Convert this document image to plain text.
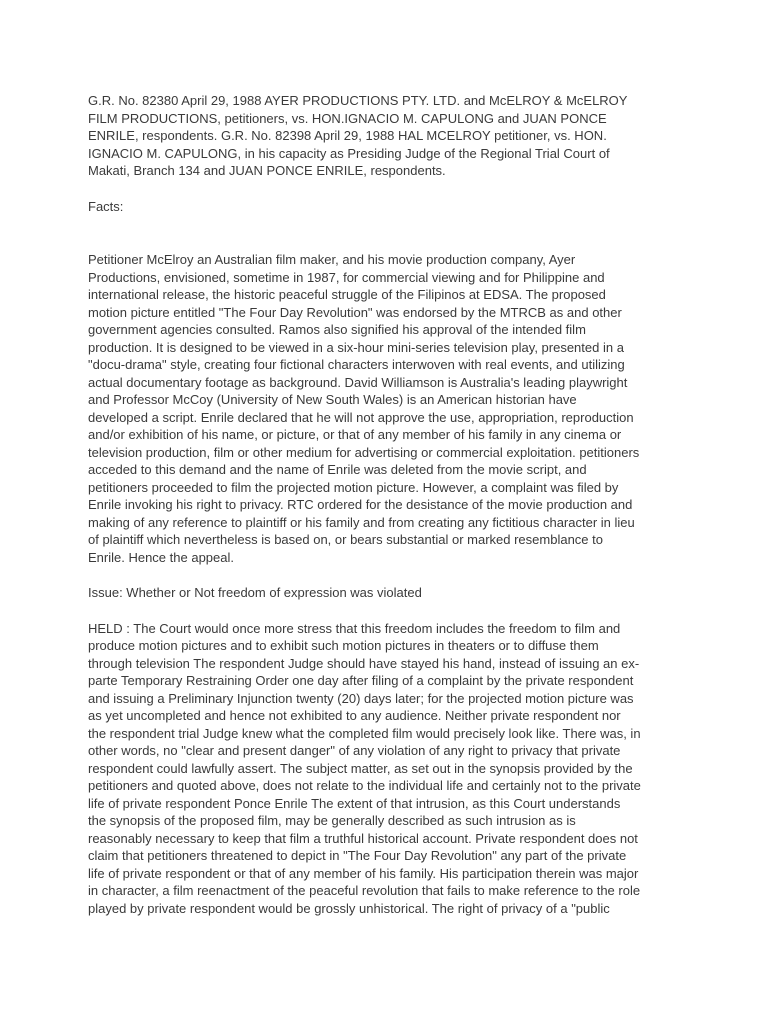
G.R. No. 82380 April 29, 1988 AYER PRODUCTIONS PTY. LTD. and McELROY & McELROY
FILM PRODUCTIONS, petitioners, vs. HON.IGNACIO M. CAPULONG and JUAN PONCE
ENRILE, respondents. G.R. No. 82398 April 29, 1988 HAL MCELROY petitioner, vs. HON.
IGNACIO M. CAPULONG, in his capacity as Presiding Judge of the Regional Trial Court of
Makati, Branch 134 and JUAN PONCE ENRILE, respondents.

Facts:

Petitioner McElroy an Australian film maker, and his movie production company, Ayer
Productions, envisioned, sometime in 1987, for commercial viewing and for Philippine and
international release, the historic peaceful struggle of the Filipinos at EDSA. The proposed
motion picture entitled "The Four Day Revolution" was endorsed by the MTRCB as and other
government agencies consulted. Ramos also signified his approval of the intended film
production. It is designed to be viewed in a six-hour mini-series television play, presented in a
"docu-drama" style, creating four fictional characters interwoven with real events, and utilizing
actual documentary footage as background. David Williamson is Australia's leading playwright
and Professor McCoy (University of New South Wales) is an American historian have
developed a script. Enrile declared that he will not approve the use, appropriation, reproduction
and/or exhibition of his name, or picture, or that of any member of his family in any cinema or
television production, film or other medium for advertising or commercial exploitation. petitioners
acceded to this demand and the name of Enrile was deleted from the movie script, and
petitioners proceeded to film the projected motion picture. However, a complaint was filed by
Enrile invoking his right to privacy. RTC ordered for the desistance of the movie production and
making of any reference to plaintiff or his family and from creating any fictitious character in lieu
of plaintiff which nevertheless is based on, or bears substantial or marked resemblance to
Enrile. Hence the appeal.

Issue: Whether or Not freedom of expression was violated

HELD : The Court would once more stress that this freedom includes the freedom to film and
produce motion pictures and to exhibit such motion pictures in theaters or to diffuse them
through television The respondent Judge should have stayed his hand, instead of issuing an ex-
parte Temporary Restraining Order one day after filing of a complaint by the private respondent
and issuing a Preliminary Injunction twenty (20) days later; for the projected motion picture was
as yet uncompleted and hence not exhibited to any audience. Neither private respondent nor
the respondent trial Judge knew what the completed film would precisely look like. There was, in
other words, no "clear and present danger" of any violation of any right to privacy that private
respondent could lawfully assert. The subject matter, as set out in the synopsis provided by the
petitioners and quoted above, does not relate to the individual life and certainly not to the private
life of private respondent Ponce Enrile The extent of that intrusion, as this Court understands
the synopsis of the proposed film, may be generally described as such intrusion as is
reasonably necessary to keep that film a truthful historical account. Private respondent does not
claim that petitioners threatened to depict in "The Four Day Revolution" any part of the private
life of private respondent or that of any member of his family. His participation therein was major
in character, a film reenactment of the peaceful revolution that fails to make reference to the role
played by private respondent would be grossly unhistorical. The right of privacy of a "public
